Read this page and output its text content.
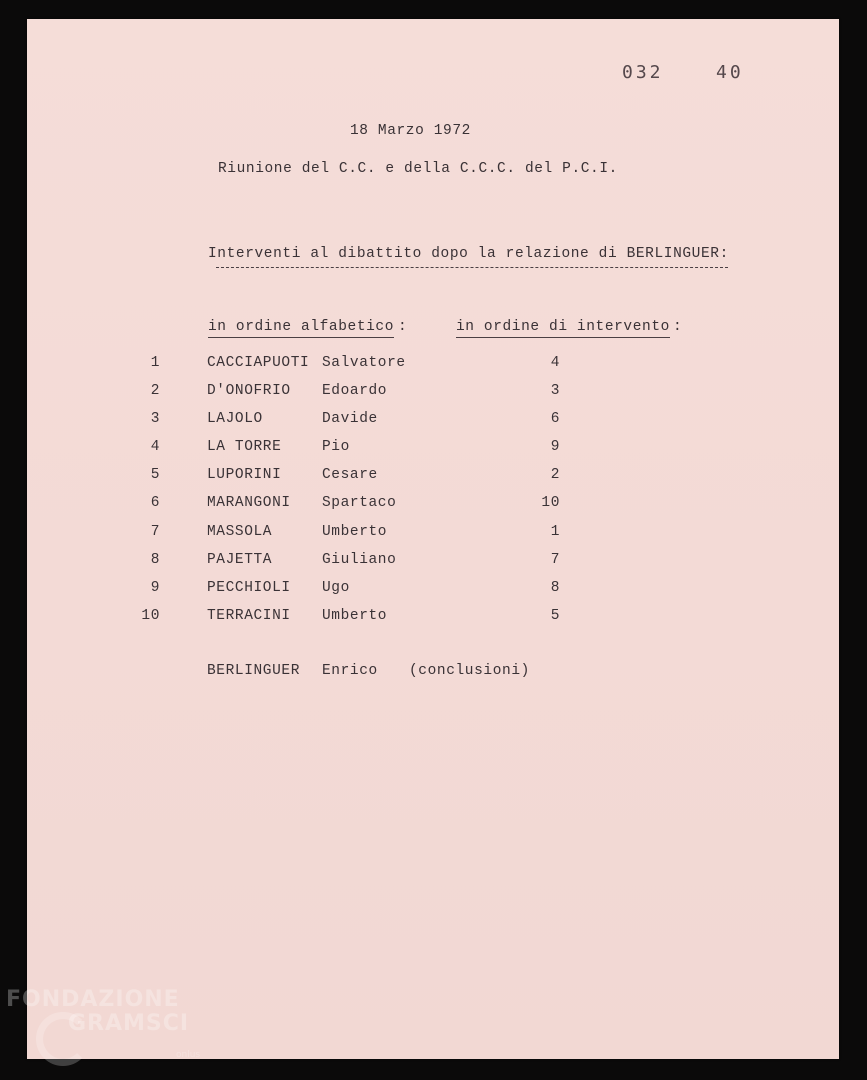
032	40
18 Marzo 1972
Riunione del C.C. e della C.C.C. del P.C.I.
Interventi al dibattito dopo la relazione di BERLINGUER:
in ordine alfabetico :	in ordine di intervento :
1	CACCIAPUOTI Salvatore	4
2	D'ONOFRIO Edoardo	3
3	LAJOLO	Davide	6
4	LA TORRE	Pio	9
5	LUPORINI	Cesare	2
6	MARANGONI Spartaco	10
7	MASSOLA	Umberto	1
8	PAJETTA	Giuliano	7
9	PECCHIOLI Ugo	8
10	TERRACINI Umberto	5
BERLINGUER Enrico (conclusioni)
FONDAZIONE
GRAMSCI
onlus
